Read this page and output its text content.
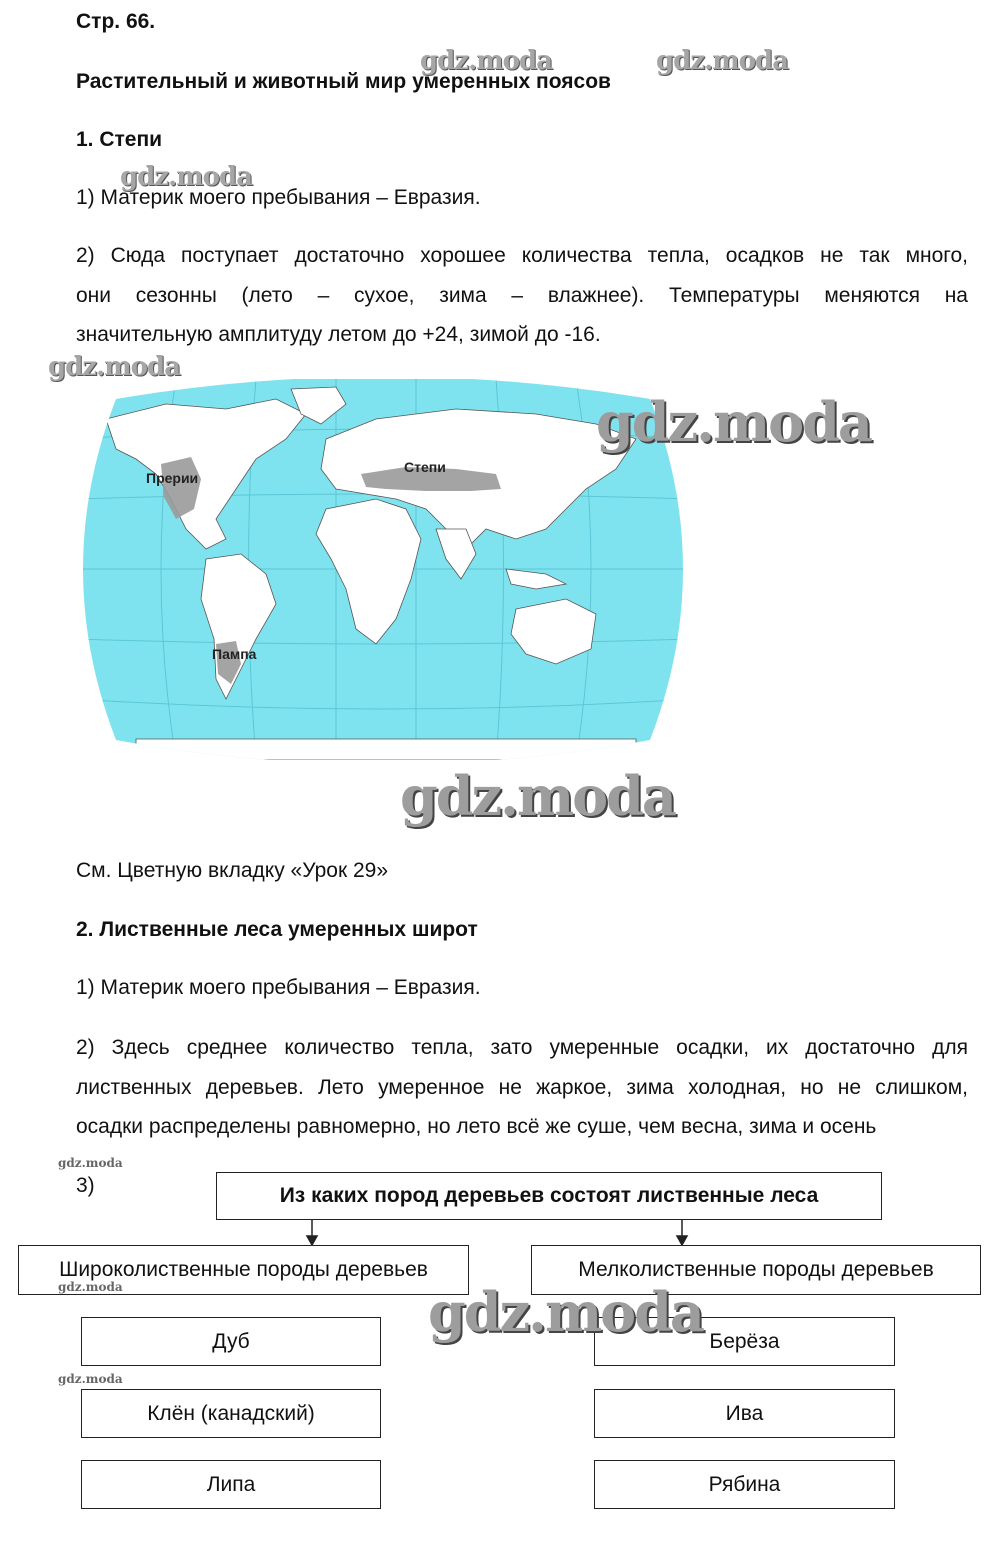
Стр. 66.
Растительный и животный мир умеренных поясов
1. Степи
1) Материк моего пребывания – Евразия.
2) Сюда поступает достаточно хорошее количества тепла, осадков не так много,
они сезонны (лето – сухое, зима – влажнее). Температуры меняются на
значительную амплитуду летом до +24, зимой до -16.
Прерии
Степи
Пампа
См. Цветную вкладку «Урок 29»
2. Лиственные леса умеренных широт
1) Материк моего пребывания – Евразия.
2) Здесь среднее количество тепла, зато умеренные осадки, их достаточно для
лиственных деревьев. Лето умеренное не жаркое, зима холодная, но не слишком,
осадки распределены равномерно, но лето всё же суше, чем весна, зима и осень
3)	Из каких пород деревьев состоят лиственные леса
Широколиственные породы деревьев	Мелколиственные породы деревьев
Дуб
Клён (канадский)
Липа
Берёза
Ива
Рябина
gdz.moda	gdz.moda
gdz.moda
gdz.moda
gdz.moda
gdz.moda
gdz.moda
gdz.moda
gdz.moda
gdz.moda
